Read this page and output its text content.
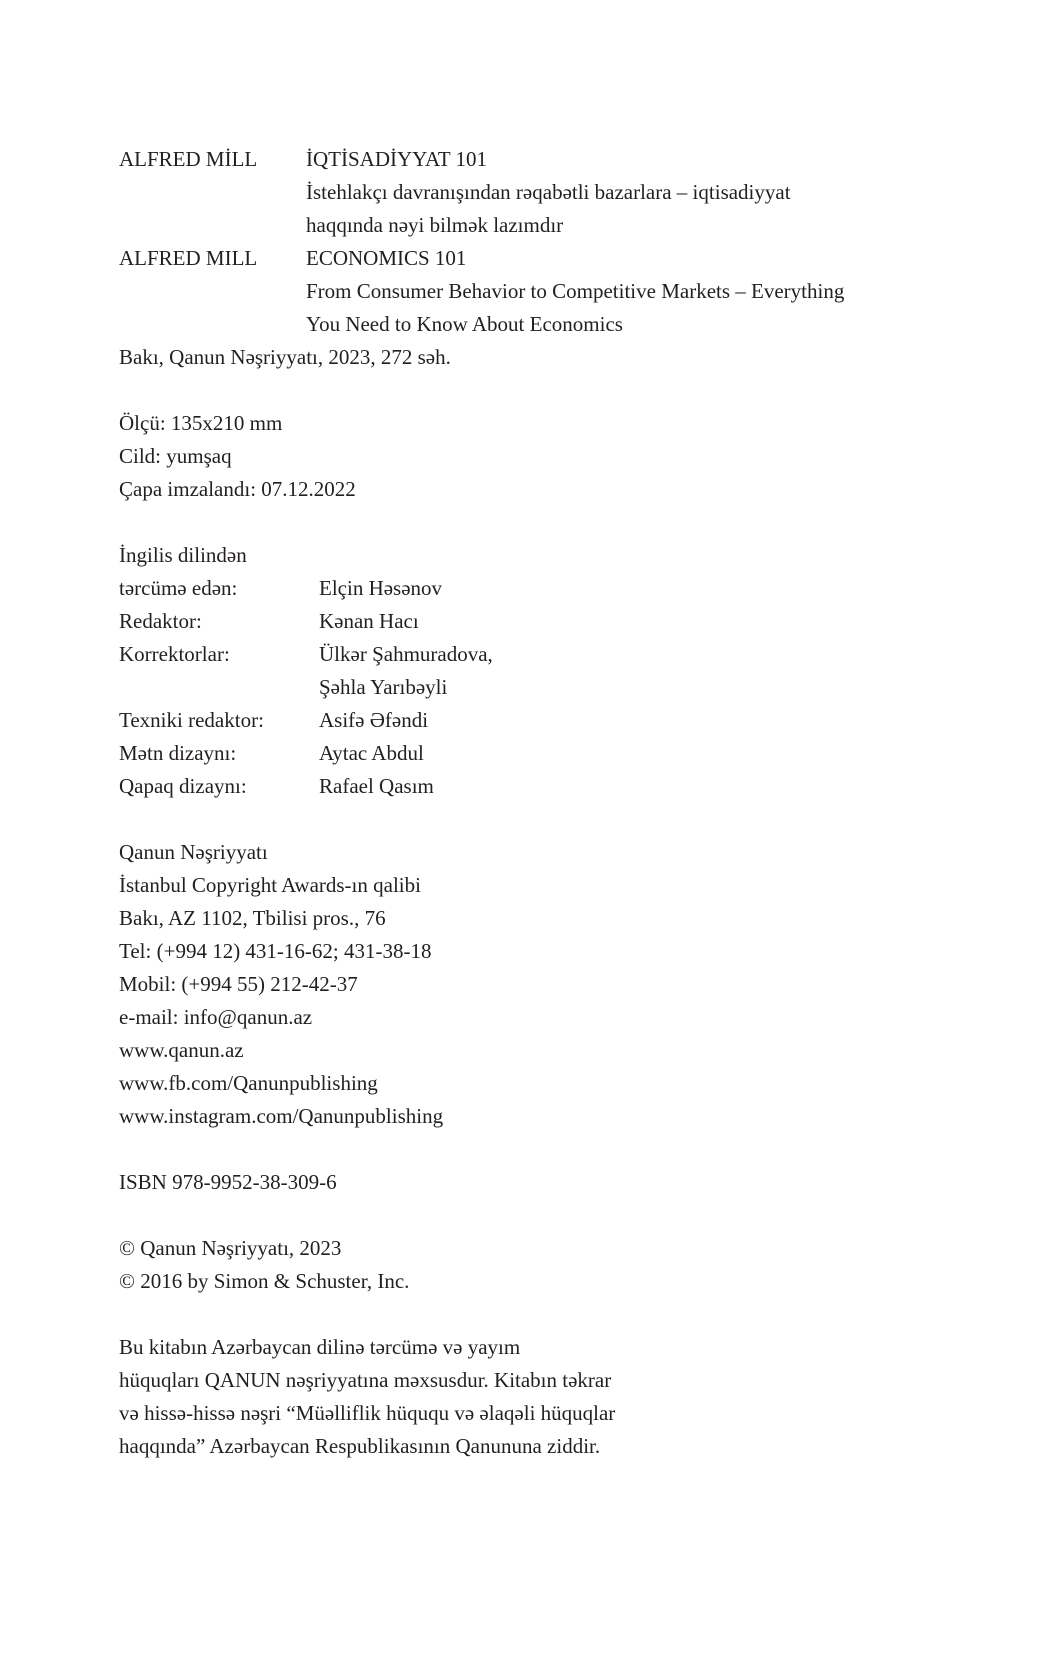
ALFRED MİLL	İQTİSADİYYAT 101
İstehlakçı davranışından rəqabətli bazarlara – iqtisadiyyat
haqqında nəyi bilmək lazımdır
ALFRED MILL	ECONOMICS 101
From Consumer Behavior to Competitive Markets – Everything
You Need to Know About Economics
Bakı, Qanun Nəşriyyatı, 2023, 272 səh.
Ölçü: 135x210 mm
Cild: yumşaq
Çapa imzalandı: 07.12.2022
İngilis dilindən
tərcümə edən:	Elçin Həsənov
Redaktor:	Kənan Hacı
Korrektorlar:	Ülkər Şahmuradova,
Şəhla Yarıbəyli
Texniki redaktor:	Asifə Əfəndi
Mətn dizaynı:	Aytac Abdul
Qapaq dizaynı:	Rafael Qasım
Qanun Nəşriyyatı
İstanbul Copyright Awards-ın qalibi
Bakı, AZ 1102, Tbilisi pros., 76
Tel: (+994 12) 431-16-62; 431-38-18
Mobil: (+994 55) 212-42-37
e-mail: info@qanun.az
www.qanun.az
www.fb.com/Qanunpublishing
www.instagram.com/Qanunpublishing
ISBN 978-9952-38-309-6
© Qanun Nəşriyyatı, 2023
© 2016 by Simon & Schuster, Inc.
Bu kitabın Azərbaycan dilinə tərcümə və yayım
hüquqları QANUN nəşriyyatına məxsusdur. Kitabın təkrar
və hissə-hissə nəşri “Müəlliflik hüququ və əlaqəli hüquqlar
haqqında” Azərbaycan Respublikasının Qanununa ziddir.
